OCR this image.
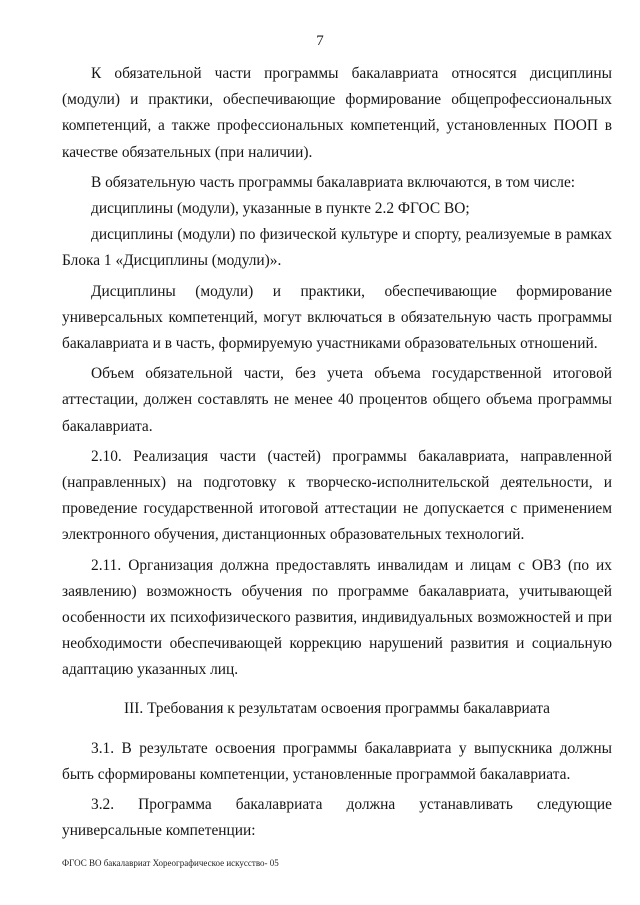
7

К обязательной части программы бакалавриата относятся дисциплины (модули) и практики, обеспечивающие формирование общепрофессиональных компетенций, а также профессиональных компетенций, установленных ПООП в качестве обязательных (при наличии).

В обязательную часть программы бакалавриата включаются, в том числе:

дисциплины (модули), указанные в пункте 2.2 ФГОС ВО;

дисциплины (модули) по физической культуре и спорту, реализуемые в рамках Блока 1 «Дисциплины (модули)».

Дисциплины (модули) и практики, обеспечивающие формирование универсальных компетенций, могут включаться в обязательную часть программы бакалавриата и в часть, формируемую участниками образовательных отношений.

Объем обязательной части, без учета объема государственной итоговой аттестации, должен составлять не менее 40 процентов общего объема программы бакалавриата.

2.10. Реализация части (частей) программы бакалавриата, направленной (направленных) на подготовку к творческо-исполнительской деятельности, и проведение государственной итоговой аттестации не допускается с применением электронного обучения, дистанционных образовательных технологий.

2.11. Организация должна предоставлять инвалидам и лицам с ОВЗ (по их заявлению) возможность обучения по программе бакалавриата, учитывающей особенности их психофизического развития, индивидуальных возможностей и при необходимости обеспечивающей коррекцию нарушений развития и социальную адаптацию указанных лиц.

III. Требования к результатам освоения программы бакалавриата

3.1. В результате освоения программы бакалавриата у выпускника должны быть сформированы компетенции, установленные программой бакалавриата.

3.2. Программа бакалавриата должна устанавливать следующие универсальные компетенции:

ФГОС ВО бакалавриат Хореографическое искусство- 05
